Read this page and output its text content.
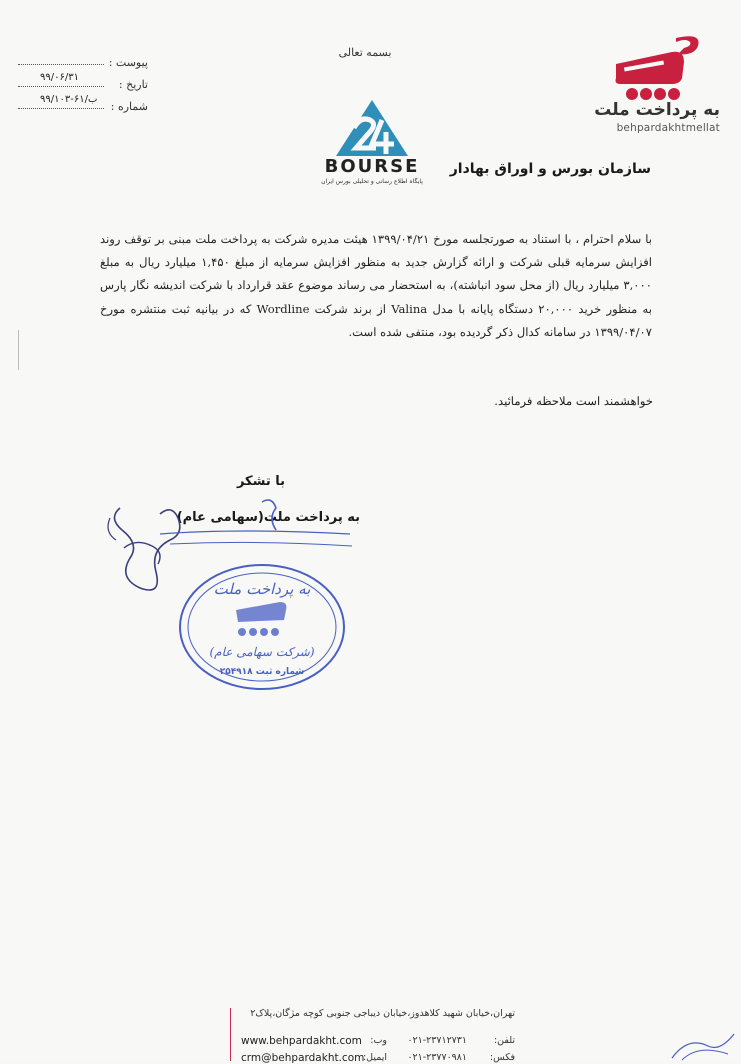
بسمه تعالی
پیوست :
تاریخ :
۹۹/۰۶/۳۱
شماره :
۹۹/ب/۶۱-۱۰۳
به پرداخت ملت
behpardakhtmellat
BOURSE
پایگاه اطلاع رسانی و تحلیلی بورس ایران
سازمان بورس و اوراق بهادار
با سلام احترام ، با استناد به صورتجلسه مورخ ۱۳۹۹/۰۴/۲۱ هیئت مدیره شرکت به پرداخت ملت مبنی بر توقف روند افزایش سرمایه قبلی شرکت و ارائه گزارش جدید به منظور افزایش سرمایه از مبلغ ۱,۴۵۰ میلیارد ریال به مبلغ ۳,۰۰۰ میلیارد ریال (از محل سود انباشته)، به استحضار می رساند موضوع عقد قرارداد با شرکت اندیشه نگار پارس به منظور خرید ۲۰,۰۰۰ دستگاه پایانه با مدل Valina از برند شرکت Wordline که در بیانیه ثبت منتشره مورخ ۱۳۹۹/۰۴/۰۷ در سامانه کدال ذکر گردیده بود، منتفی شده است.
خواهشمند است ملاحظه فرمائید.
با تشکر
به پرداخت ملت(سهامی عام)
به پرداخت ملت
(شرکت سهامی عام)
شماره ثبت ۲۵۴۹۱۸
تهران،خیابان شهید کلاهدوز،خیابان دیباجی جنوبی کوچه مژگان،پلاک۲
تلفن:
۰۲۱-۲۳۷۱۲۷۳۱
وب:
www.behpardakht.com
فکس:
۰۲۱-۲۳۷۷۰۹۸۱
ایمیل:
crm@behpardakht.com
